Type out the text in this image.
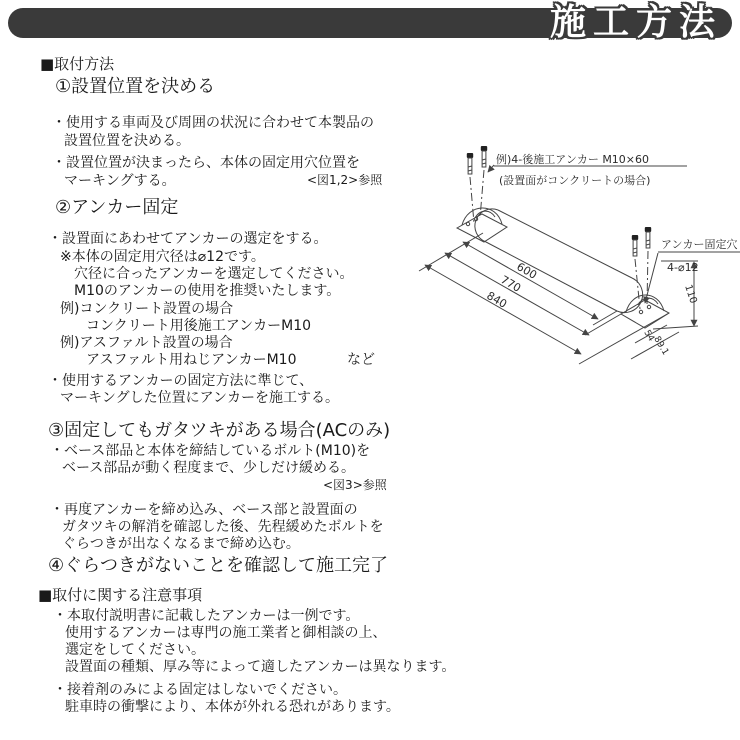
施工方法
■取付方法
①設置位置を決める
・使用する車両及び周囲の状況に合わせて本製品の
設置位置を決める。
・設置位置が決まったら、本体の固定用穴位置を
マーキングする。	<図1,2>参照
②アンカー固定
・設置面にあわせてアンカーの選定をする。
※本体の固定用穴径は⌀12です。
穴径に合ったアンカーを選定してください。
M10のアンカーの使用を推奨いたします。
例)コンクリート設置の場合
コンクリート用後施工アンカーM10
例)アスファルト設置の場合
アスファルト用ねじアンカーM10	など
・使用するアンカーの固定方法に準じて、
マーキングした位置にアンカーを施工する。
③固定してもガタツキがある場合(ACのみ)
・ベース部品と本体を締結しているボルト(M10)を
ベース部品が動く程度まで、少しだけ緩める。
<図3>参照
・再度アンカーを締め込み、ベース部と設置面の
ガタツキの解消を確認した後、先程緩めたボルトを
ぐらつきが出なくなるまで締め込む。
④ぐらつきがないことを確認して施工完了
■取付に関する注意事項
・本取付説明書に記載したアンカーは一例です。
使用するアンカーは専門の施工業者と御相談の上、
選定をしてください。
設置面の種類、厚み等によって適したアンカーは異なります。
・接着剤のみによる固定はしないでください。
駐車時の衝撃により、本体が外れる恐れがあります。
例)4-後施工アンカー M10×60
(設置面がコンクリートの場合)
アンカー固定穴
4-⌀12
600
770
840	110
54
89.1
